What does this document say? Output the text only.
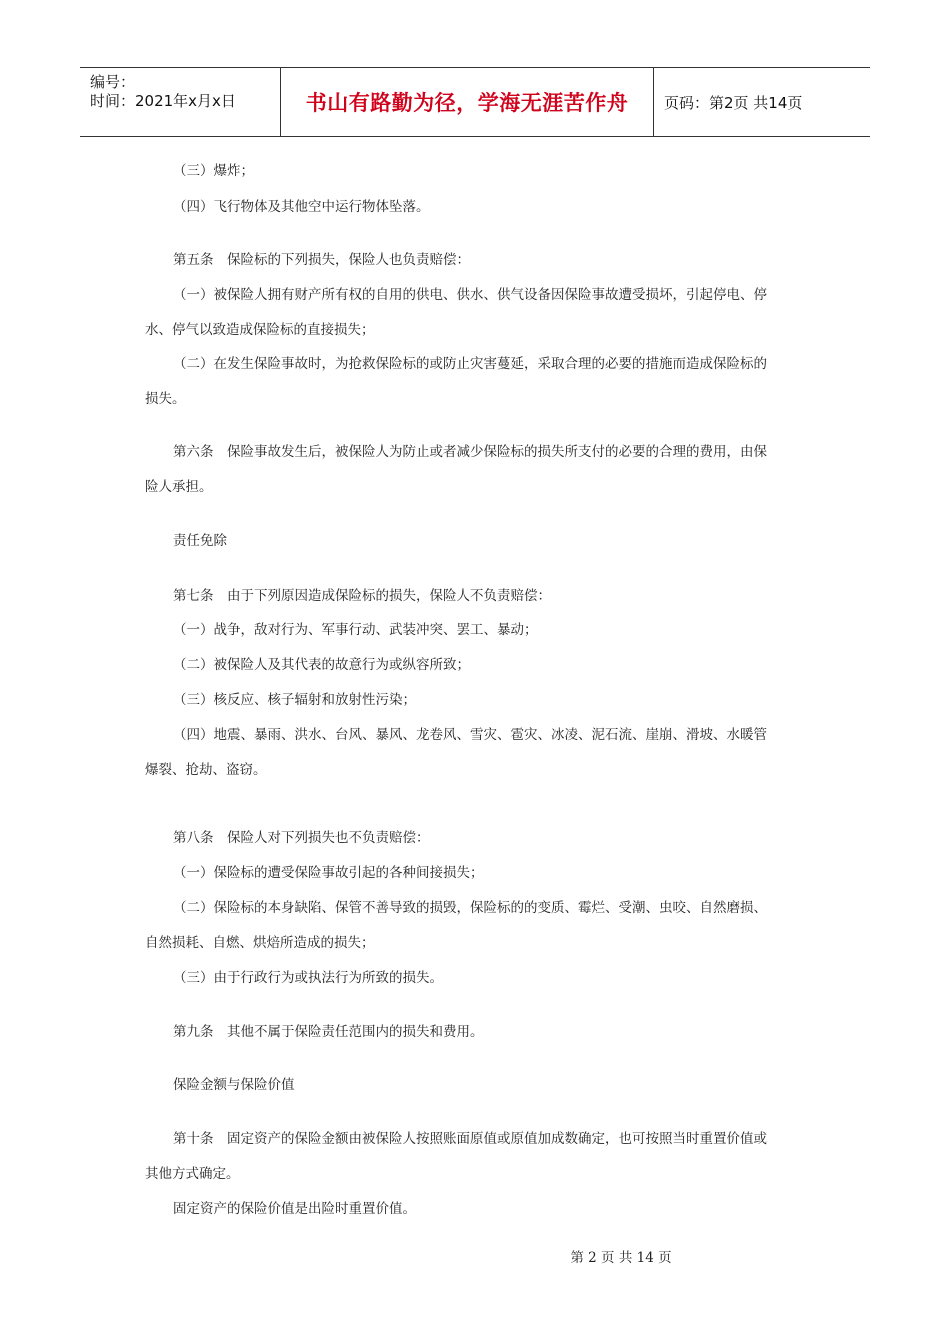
编号：
时间：2021年x月x日	书山有路勤为径，学海无涯苦作舟	页码：第2页 共14页
（三）爆炸；
（四）飞行物体及其他空中运行物体坠落。
第五条　保险标的下列损失，保险人也负责赔偿：
（一）被保险人拥有财产所有权的自用的供电、供水、供气设备因保险事故遭受损坏，引起停电、停
水、停气以致造成保险标的直接损失；
（二）在发生保险事故时，为抢救保险标的或防止灾害蔓延，采取合理的必要的措施而造成保险标的
损失。
第六条　保险事故发生后，被保险人为防止或者减少保险标的损失所支付的必要的合理的费用，由保
险人承担。
责任免除
第七条　由于下列原因造成保险标的损失，保险人不负责赔偿：
（一）战争，敌对行为、军事行动、武装冲突、罢工、暴动；
（二）被保险人及其代表的故意行为或纵容所致；
（三）核反应、核子辐射和放射性污染；
（四）地震、暴雨、洪水、台风、暴风、龙卷风、雪灾、雹灾、冰凌、泥石流、崖崩、滑坡、水暖管
爆裂、抢劫、盗窃。
第八条　保险人对下列损失也不负责赔偿：
（一）保险标的遭受保险事故引起的各种间接损失；
（二）保险标的本身缺陷、保管不善导致的损毁，保险标的的变质、霉烂、受潮、虫咬、自然磨损、
自然损耗、自燃、烘焙所造成的损失；
（三）由于行政行为或执法行为所致的损失。
第九条　其他不属于保险责任范围内的损失和费用。
保险金额与保险价值
第十条　固定资产的保险金额由被保险人按照账面原值或原值加成数确定，也可按照当时重置价值或
其他方式确定。
固定资产的保险价值是出险时重置价值。
第 2 页 共 14 页
